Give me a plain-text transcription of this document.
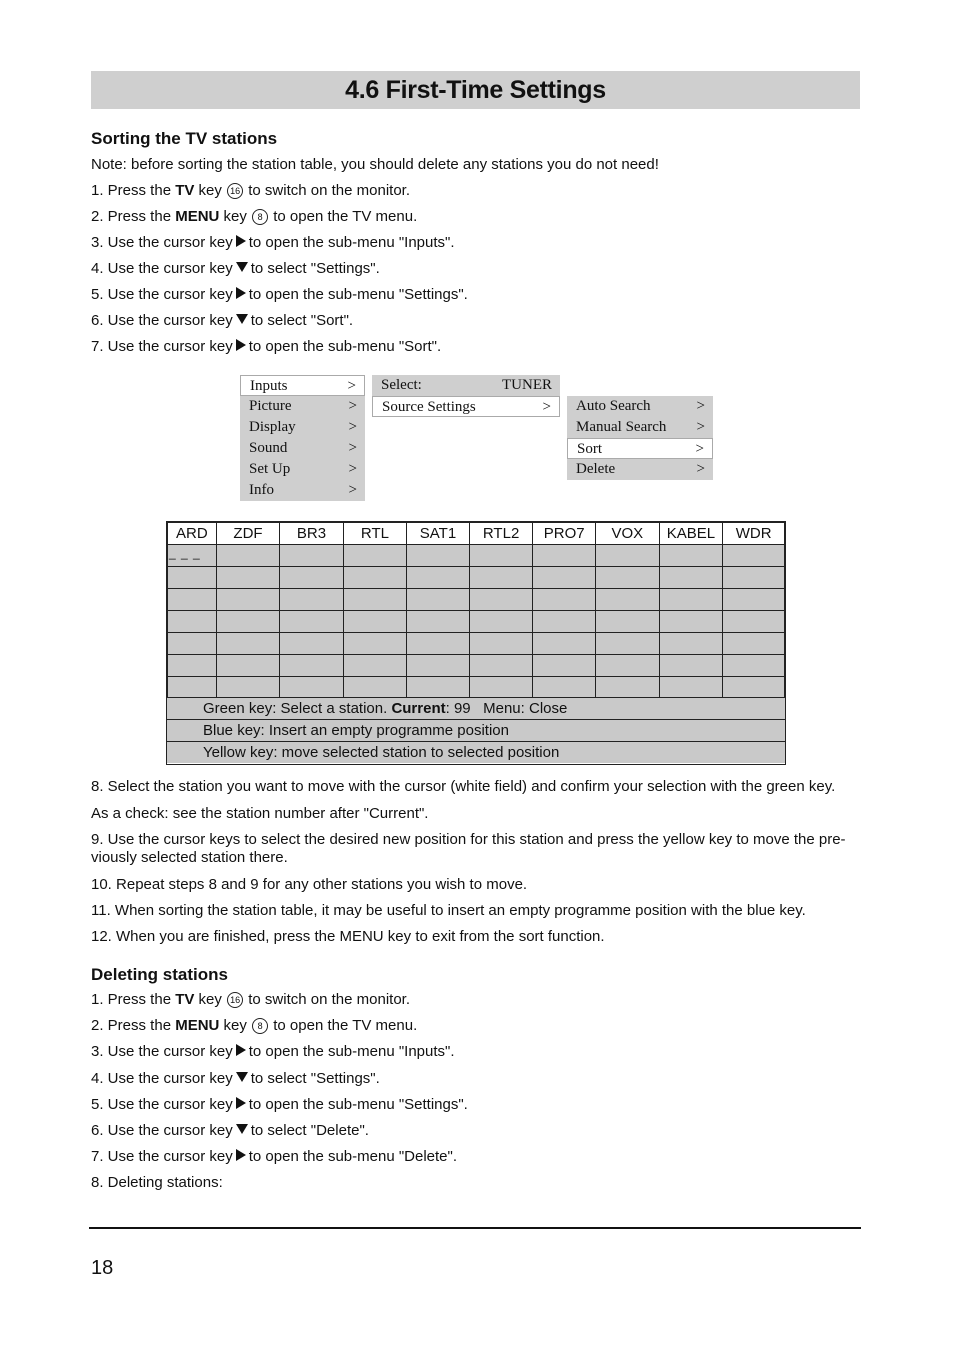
4.6 First-Time Settings
Sorting the TV stations
Note: before sorting the station table, you should delete any stations you do not need!
1. Press the TV key 16 to switch on the monitor.
2. Press the MENU key 8 to open the TV menu.
3. Use the cursor key to open the sub-menu "Inputs".
4. Use the cursor key to select "Settings".
5. Use the cursor key to open the sub-menu "Settings".
6. Use the cursor key to select "Sort".
7. Use the cursor key to open the sub-menu "Sort".
Inputs	>
Picture	>
Display	>
Sound	>
Set Up	>
Info	>
Select:	TUNER
Source Settings	>	Auto Search	>
Manual Search >
Sort	>
Delete	>
ARD	ZDF	BR3	RTL	SAT1	RTL2	PRO7	VOX	KABEL	WDR

_ _ _
Green key: Select a station. Current: 99   Menu: Close
Blue key: Insert an empty programme position
Yellow key: move selected station to selected position
8. Select the station you want to move with the cursor (white field) and confirm your selection with the green key.
As a check: see the station number after "Current".
9. Use the cursor keys to select the desired new position for this station and press the yellow key to move the pre-viously selected station there.
10. Repeat steps 8 and 9 for any other stations you wish to move.
11. When sorting the station table, it may be useful to insert an empty programme position with the blue key.
12. When you are finished, press the MENU key to exit from the sort function.
Deleting stations
1. Press the TV key 16 to switch on the monitor.
2. Press the MENU key 8 to open the TV menu.
3. Use the cursor key to open the sub-menu "Inputs".
4. Use the cursor key to select "Settings".
5. Use the cursor key to open the sub-menu "Settings".
6. Use the cursor key to select "Delete".
7. Use the cursor key to open the sub-menu "Delete".
8. Deleting stations:
18
